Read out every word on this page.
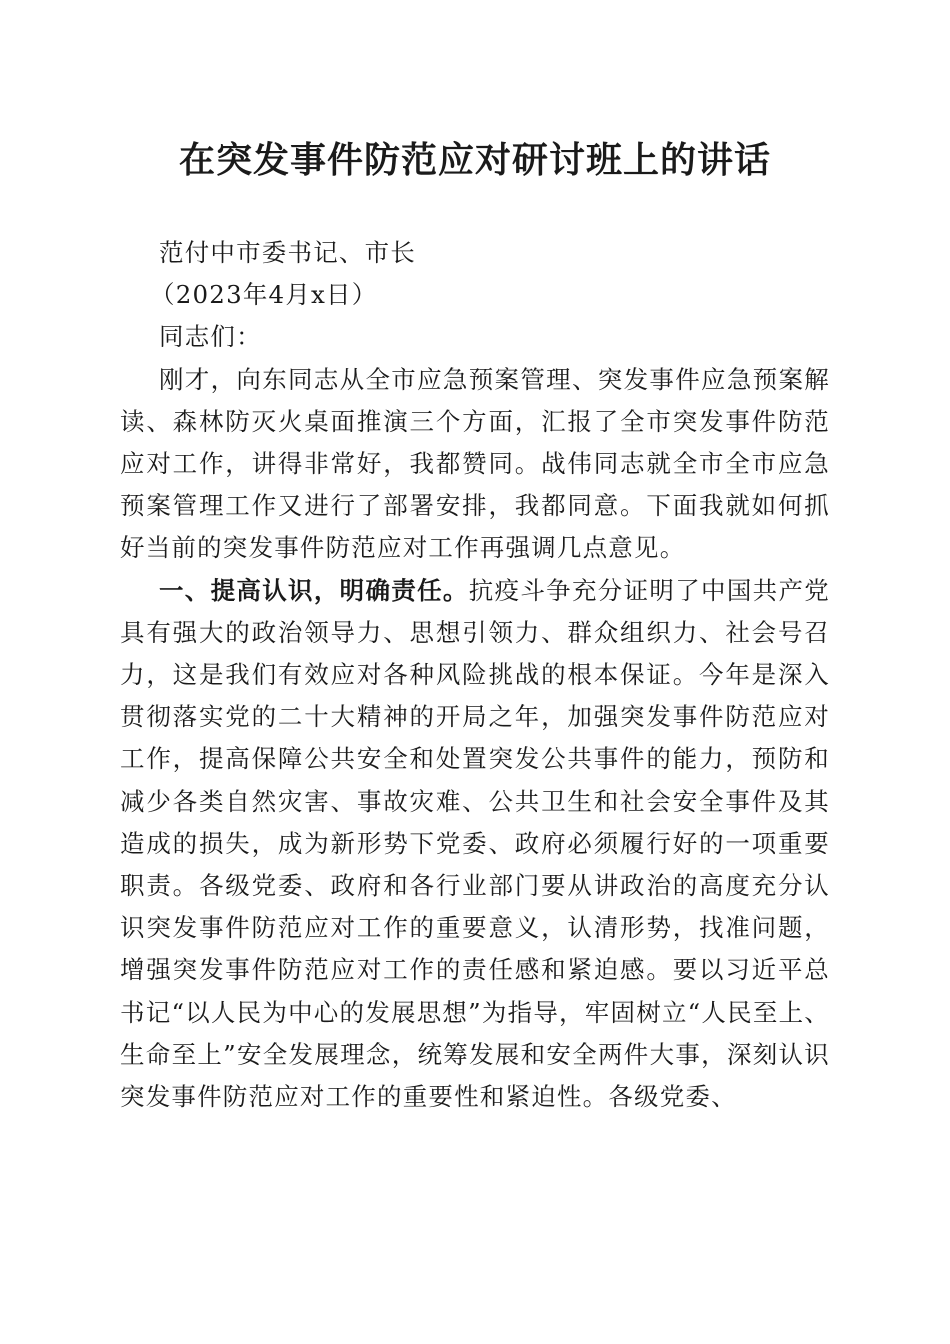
在突发事件防范应对研讨班上的讲话

范付中市委书记、市长

（2023年4月x日）

同志们：

刚才，向东同志从全市应急预案管理、突发事件应急预案解读、森林防灭火桌面推演三个方面，汇报了全市突发事件防范应对工作，讲得非常好，我都赞同。战伟同志就全市全市应急预案管理工作又进行了部署安排，我都同意。下面我就如何抓好当前的突发事件防范应对工作再强调几点意见。

一、提高认识，明确责任。抗疫斗争充分证明了中国共产党具有强大的政治领导力、思想引领力、群众组织力、社会号召力，这是我们有效应对各种风险挑战的根本保证。今年是深入贯彻落实党的二十大精神的开局之年，加强突发事件防范应对工作，提高保障公共安全和处置突发公共事件的能力，预防和减少各类自然灾害、事故灾难、公共卫生和社会安全事件及其造成的损失，成为新形势下党委、政府必须履行好的一项重要职责。各级党委、政府和各行业部门要从讲政治的高度充分认识突发事件防范应对工作的重要意义，认清形势，找准问题，增强突发事件防范应对工作的责任感和紧迫感。要以习近平总书记“以人民为中心的发展思想”为指导，牢固树立“人民至上、生命至上”安全发展理念，统筹发展和安全两件大事，深刻认识突发事件防范应对工作的重要性和紧迫性。各级党委、
